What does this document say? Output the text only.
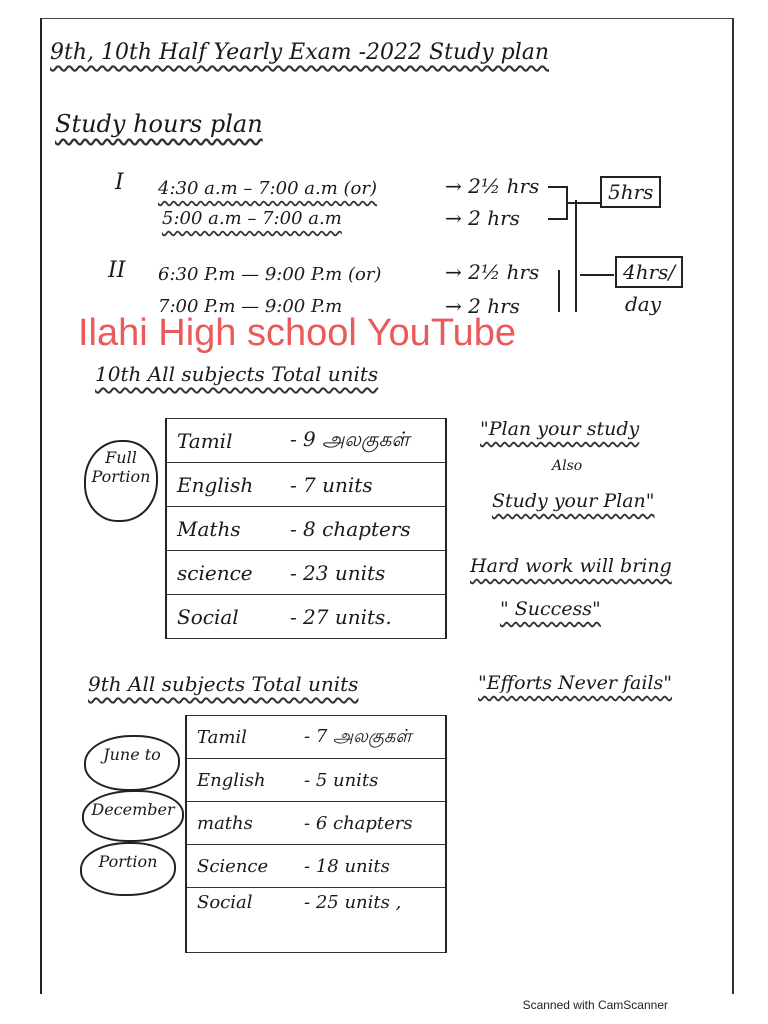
9th, 10th Half Yearly Exam -2022 Study plan
Study hours plan
I 4:30 a.m – 7:00 a.m (or)	→ 2½ hrs
5:00 a.m – 7:00 a.m	→ 2 hrs
5hrs
II 6:30 P.m — 9:00 P.m (or)	→ 2½ hrs
7:00 P.m — 9:00 P.m	→ 2 hrs
4hrs/
day
Ilahi High school YouTube
10th All subjects Total units
Full Portion
Tamil	- 9 அலகுகள்
English	- 7 units
Maths	- 8 chapters
science	- 23 units
Social	- 27 units.
"Plan your study
Also
Study your Plan"
Hard work will bring
" Success"
"Efforts Never fails"
9th All subjects Total units
June to
December
Portion
Tamil	- 7 அலகுகள்
English	- 5 units
maths	- 6 chapters
Science	- 18 units
Social	- 25 units ,
Scanned with CamScanner
